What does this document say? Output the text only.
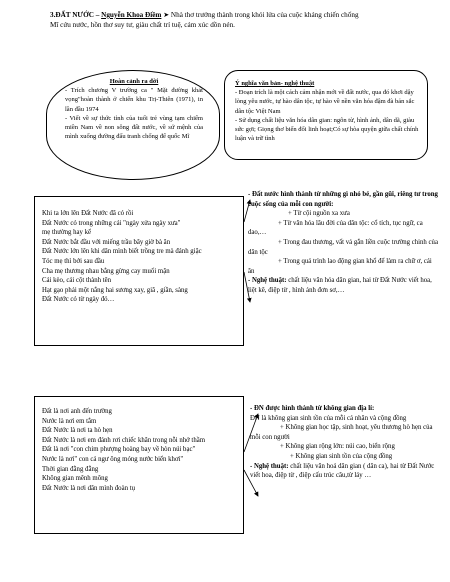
3.ĐẤT NƯỚC – Nguyễn Khoa Điềm ➤ Nhà thơ trưởng thành trong khói lửa của cuộc kháng chiến chống
Mĩ cứu nước, hồn thơ suy tư, giàu chất trí tuệ, cảm xúc dồn nén.
Hoàn cảnh ra đời
- Trích chương V trường ca " Mặt đường khát vọng"hoàn thành ở chiến khu Trị-Thiên (1971), in lần đầu 1974
- Viết về sự thức tỉnh của tuổi trẻ vùng tạm chiếm miền Nam về non sông đất nước, về sứ mệnh của mình xuống đường đấu tranh chống đế quốc Mĩ
Ý nghĩa văn bản- nghệ thuật
- Đoạn trích là một cách cảm nhận mới về đất nước, qua đó khơi dậy lòng yêu nước, tự hào dân tộc, tự hào về nền văn hóa đậm đà bản sắc dân tộc Việt Nam
- Sử dụng chất liệu văn hóa dân gian: ngôn từ, hình ảnh, dân dã, giàu sức gợi; Giọng thơ biến đổi linh hoạt;Có sự hòa quyện giữa chất chính luận và trữ tình
Khi ta lớn lên Đất Nước đã có rồi
Đất Nước có trong những cái "ngày xửa ngày xưa"
mẹ thường hay kể
Đất Nước bắt đầu với miếng trầu bây giờ bà ăn
Đất Nước lớn lên khi dân mình biết trồng tre mà đánh giặc
Tóc mẹ thì bới sau đầu
Cha mẹ thương nhau bằng gừng cay muối mặn
Cái kèo, cái cột thành tên
Hạt gạo phải một nắng hai sương xay, giã , giần, sàng
Đất Nước có từ ngày đó…
- Đất nước hình thành từ những gì nhỏ bé, gần gũi, riêng tư trong cuộc sống của mỗi con người:
+ Từ cội nguồn xa xưa
+ Từ văn hóa lâu đời của dân tộc: cổ tích, tục ngữ, ca dao,…
+ Trong đau thương, vất vả gắn liền cuộc trường chinh của dân tộc
+ Trong quá trình lao động gian khổ để làm ra chữ ơ, cái ăn
- Nghệ thuật: chất liệu văn hóa dân gian, hai từ Đất Nước viết hoa, liệt kê, điệp từ , hình ảnh đơn sơ,…
Đất là nơi anh đến trường
Nước là nơi em tắm
Đất Nước là nơi ta hò hẹn
Đất Nước là nơi em đánh rơi chiếc khăn trong nỗi nhớ thầm
Đất là nơi "con chim phượng hoàng bay về hòn núi bạc"
Nước là nơi" con cá ngư ông móng nước biển khơi"
Thời gian đằng đẵng
Không gian mênh mông
Đất Nước là nơi dân mình đoàn tụ
- ĐN được hình thành từ không gian địa lí:
ĐN là không gian sinh tồn của mỗi cá nhân và cộng đồng
+ Không gian học tập, sinh hoạt, yêu thương hò hẹn của mỗi con người
+ Không gian rộng lớn: núi cao, biển rộng
+ Không gian sinh tồn của cộng đồng
- Nghệ thuật: chất liệu văn hoá dân gian ( dân ca), hai từ Đất Nước viết hoa, điệp từ , điệp cấu trúc câu,từ láy …
